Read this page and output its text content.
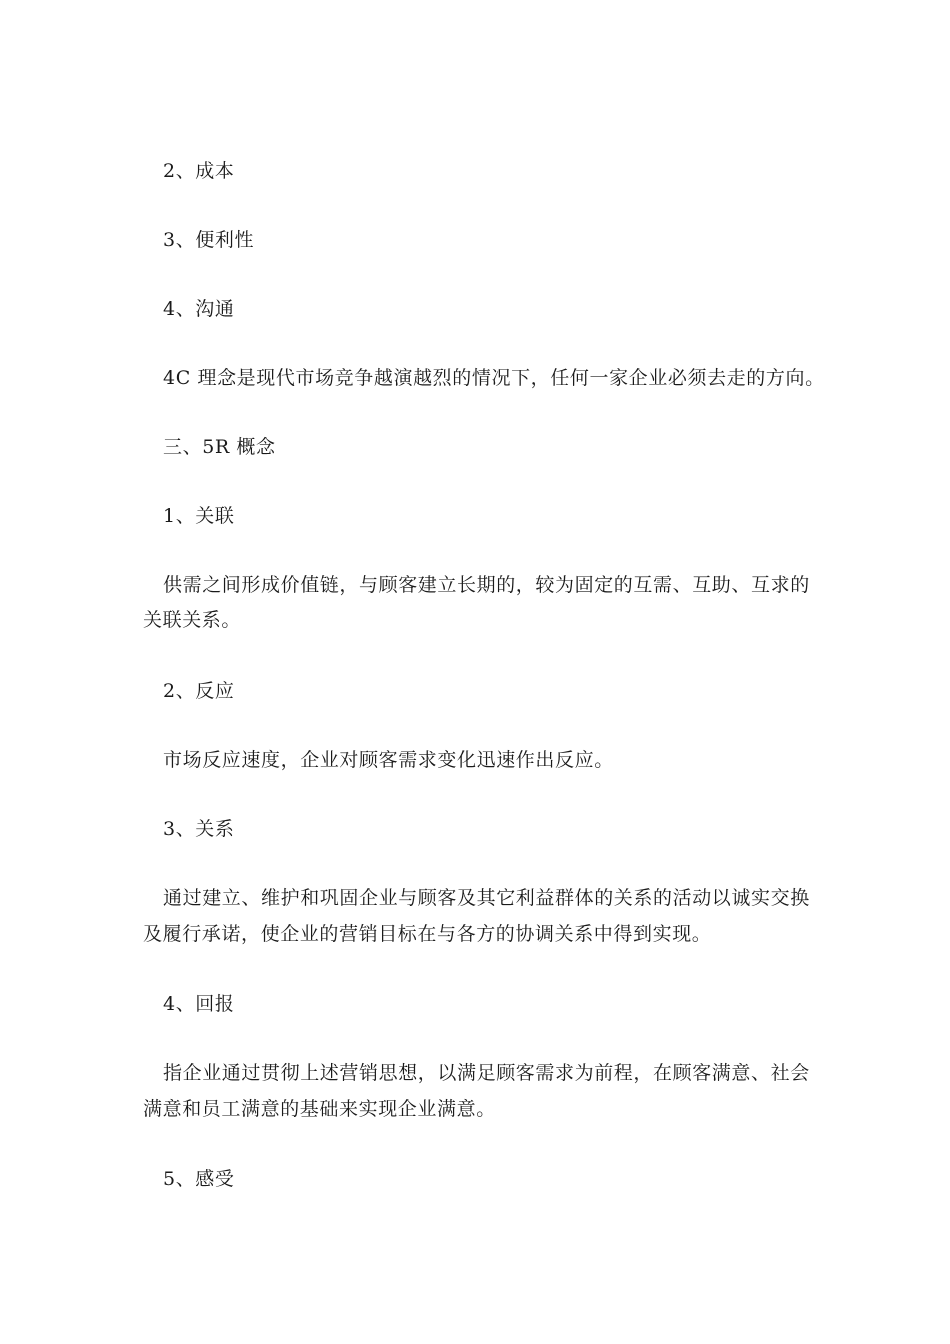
2、成本
3、便利性
4、沟通
4C 理念是现代市场竞争越演越烈的情况下，任何一家企业必须去走的方向。
三、5R 概念
1、关联
供需之间形成价值链，与顾客建立长期的，较为固定的互需、互助、互求的
关联关系。
2、反应
市场反应速度，企业对顾客需求变化迅速作出反应。
3、关系
通过建立、维护和巩固企业与顾客及其它利益群体的关系的活动以诚实交换
及履行承诺，使企业的营销目标在与各方的协调关系中得到实现。
4、回报
指企业通过贯彻上述营销思想，以满足顾客需求为前程，在顾客满意、社会
满意和员工满意的基础来实现企业满意。
5、感受
